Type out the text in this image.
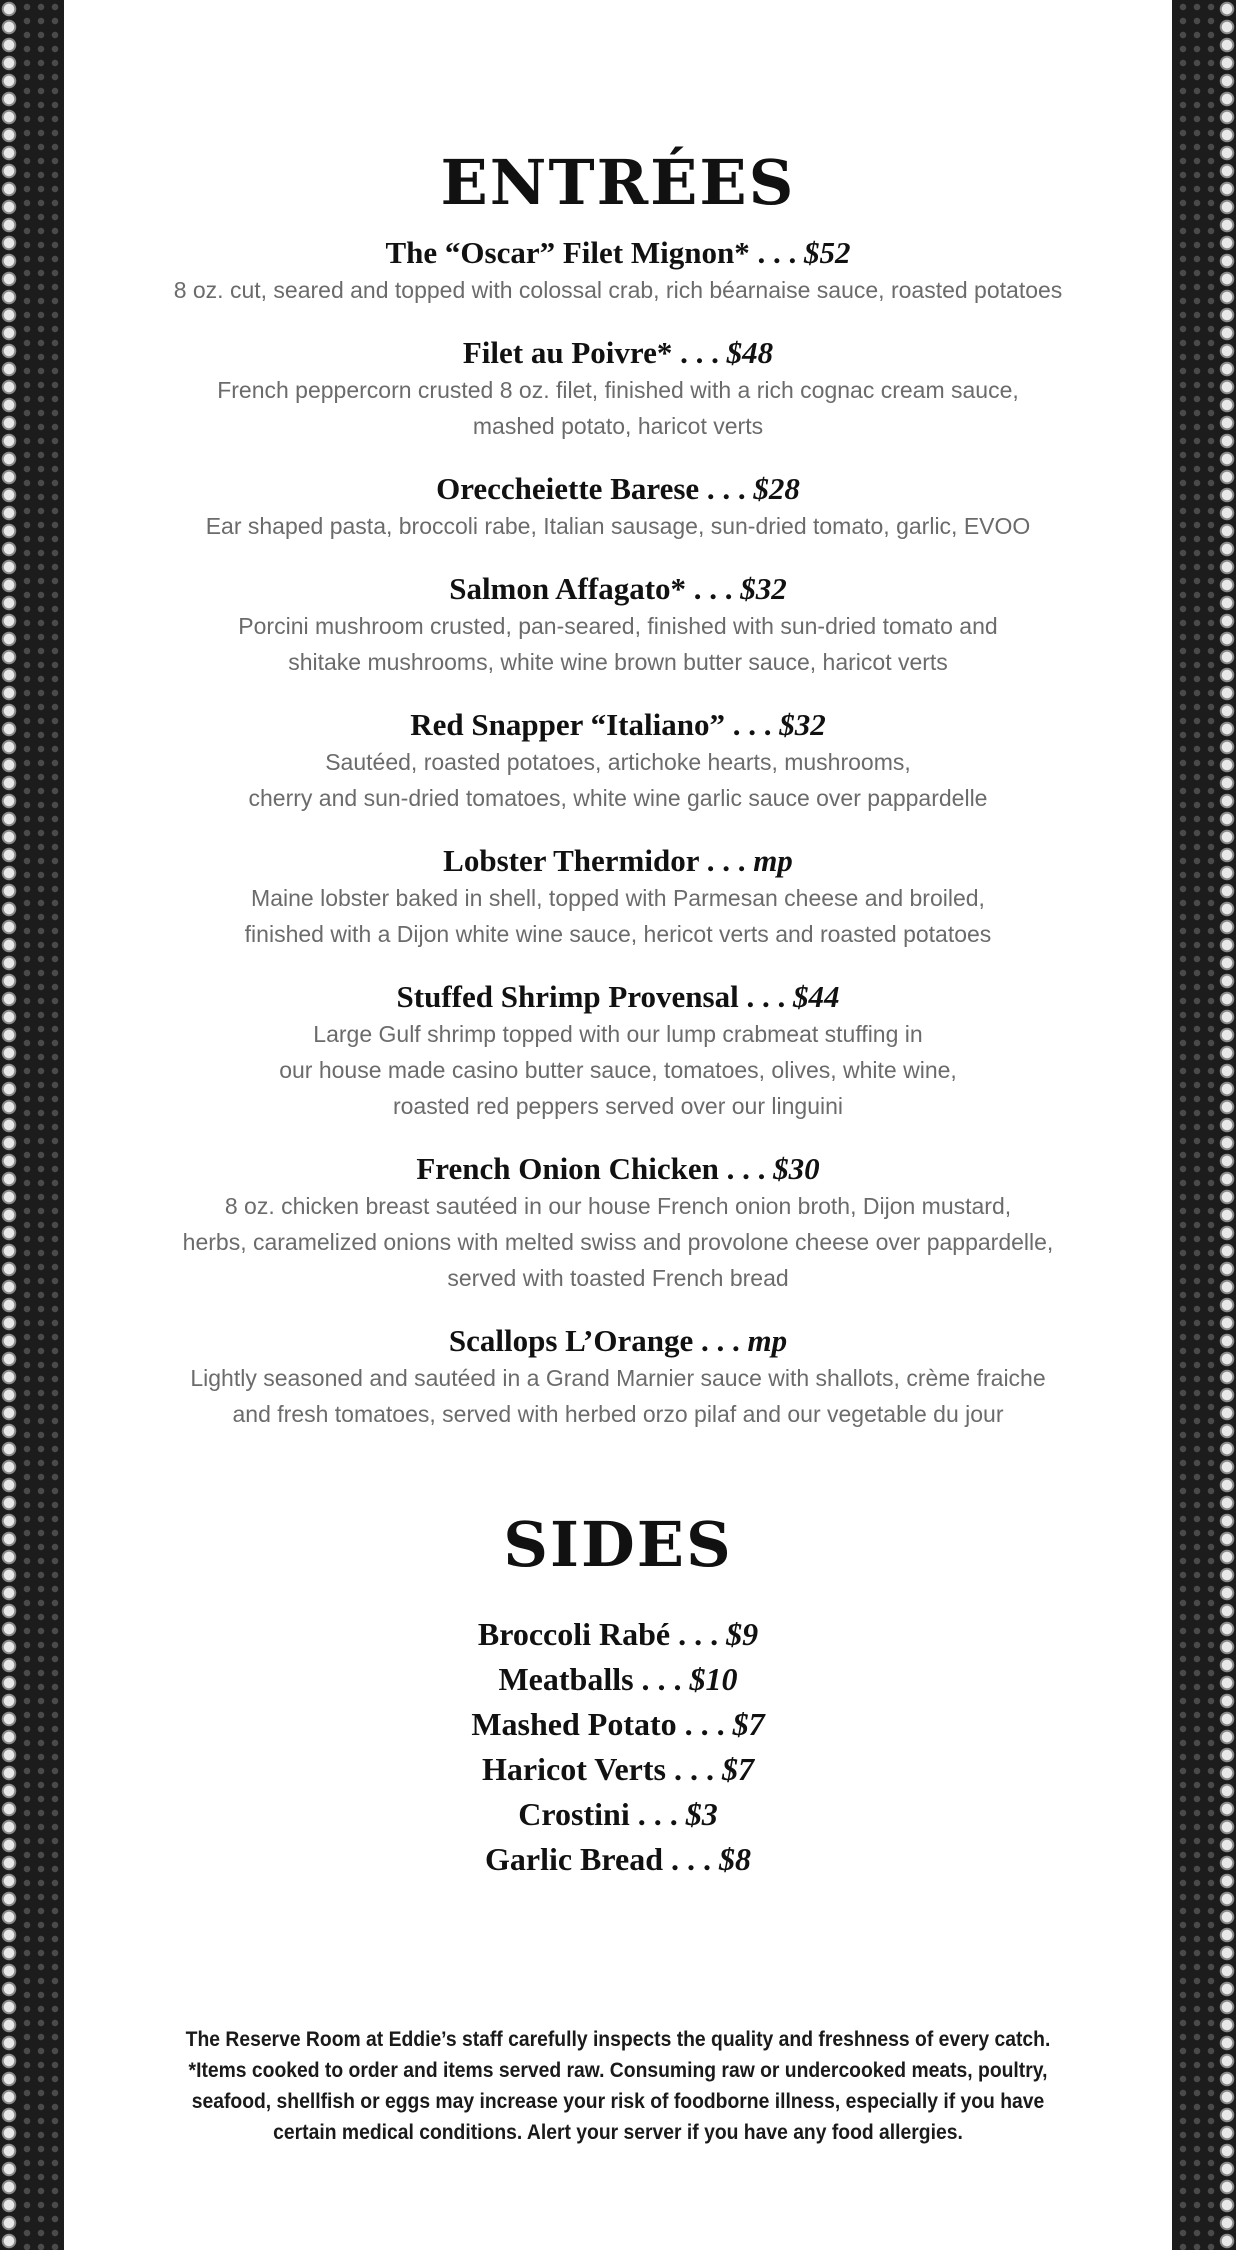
ENTRÉES
The “Oscar” Filet Mignon* . . . $52
8 oz. cut, seared and topped with colossal crab, rich béarnaise sauce, roasted potatoes
Filet au Poivre* . . . $48
French peppercorn crusted 8 oz. filet, finished with a rich cognac cream sauce,
mashed potato, haricot verts
Orecchеiette Barese . . . $28
Ear shaped pasta, broccoli rabe, Italian sausage, sun-dried tomato, garlic, EVOO
Salmon Affagato* . . . $32
Porcini mushroom crusted, pan-seared, finished with sun-dried tomato and
shitake mushrooms, white wine brown butter sauce, haricot verts
Red Snapper “Italiano” . . . $32
Sautéed, roasted potatoes, artichoke hearts, mushrooms,
cherry and sun-dried tomatoes, white wine garlic sauce over pappardelle
Lobster Thermidor . . . mp
Maine lobster baked in shell, topped with Parmesan cheese and broiled,
finished with a Dijon white wine sauce, hericot verts and roasted potatoes
Stuffed Shrimp Provensal . . . $44
Large Gulf shrimp topped with our lump crabmeat stuffing in
our house made casino butter sauce, tomatoes, olives, white wine,
roasted red peppers served over our linguini
French Onion Chicken . . . $30
8 oz. chicken breast sautéed in our house French onion broth, Dijon mustard,
herbs, caramelized onions with melted swiss and provolone cheese over pappardelle,
served with toasted French bread
Scallops L’Orange . . . mp
Lightly seasoned and sautéed in a Grand Marnier sauce with shallots, crème fraiche
and fresh tomatoes, served with herbed orzo pilaf and our vegetable du jour
SIDES
Broccoli Rabé . . . $9
Meatballs . . . $10
Mashed Potato . . . $7
Haricot Verts . . . $7
Crostini . . . $3
Garlic Bread . . . $8
The Reserve Room at Eddie’s staff carefully inspects the quality and freshness of every catch.
*Items cooked to order and items served raw. Consuming raw or undercooked meats, poultry,
seafood, shellfish or eggs may increase your risk of foodborne illness, especially if you have
certain medical conditions. Alert your server if you have any food allergies.
